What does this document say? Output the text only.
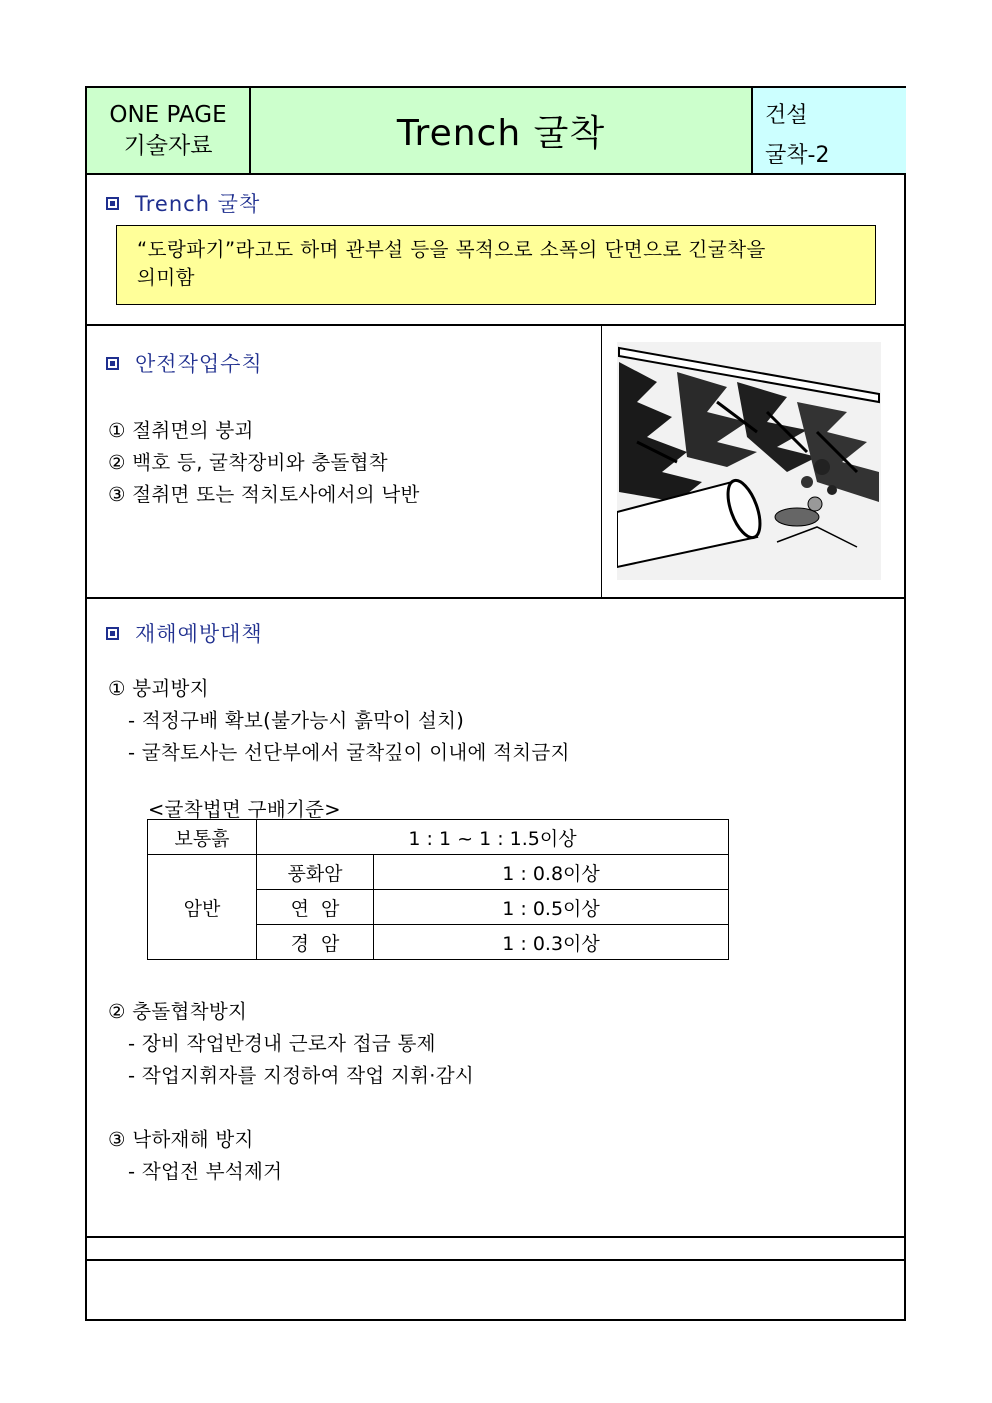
ONE PAGE
기술자료	Trench 굴착	건설
굴착-2
Trench 굴착
“도랑파기”라고도 하며 관부설 등을 목적으로 소폭의 단면으로 긴굴착을
의미함
안전작업수칙
① 절취면의 붕괴
② 백호 등, 굴착장비와 충돌협착
③ 절취면 또는 적치토사에서의 낙반
재해예방대책
① 붕괴방지
- 적정구배 확보(불가능시 흙막이 설치)
- 굴착토사는 선단부에서 굴착깊이 이내에 적치금지
<굴착법면 구배기준>
보통흙	1 : 1 ~ 1 : 1.5이상	
암반	풍화암	1 : 0.8이상
	연  암	1 : 0.5이상
	경  암	1 : 0.3이상
② 충돌협착방지
- 장비 작업반경내 근로자 접금 통제
- 작업지휘자를 지정하여 작업 지휘·감시
③ 낙하재해 방지
- 작업전 부석제거
